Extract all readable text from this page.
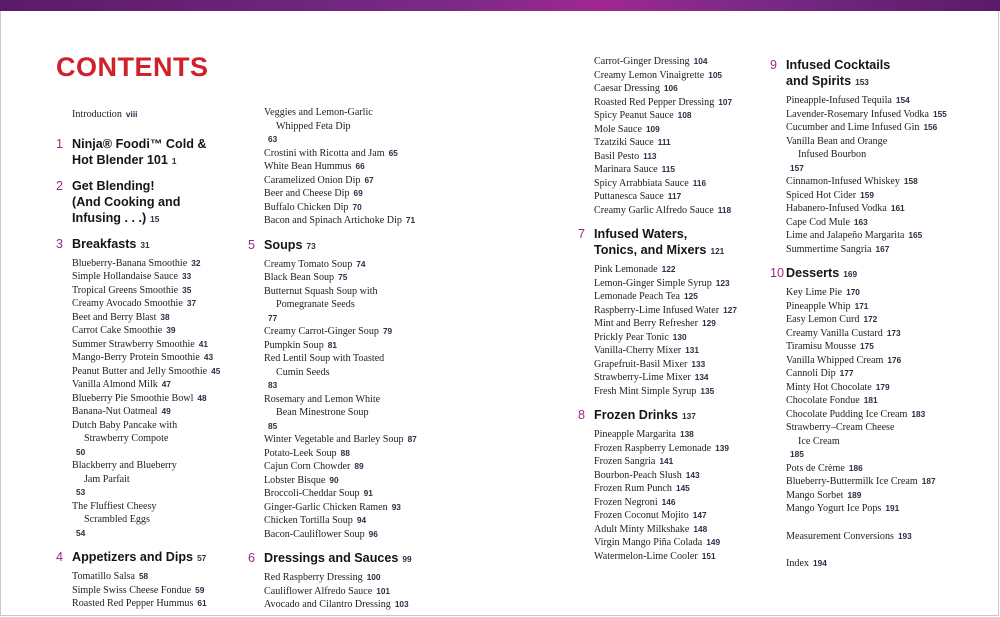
CONTENTS
Introduction viii
1 Ninja® Foodi™ Cold &
Hot Blender 101 1
2 Get Blending!
(And Cooking and
Infusing . . .) 15
3 Breakfasts 31
Blueberry-Banana Smoothie 32
Simple Hollandaise Sauce 33
Tropical Greens Smoothie 35
Creamy Avocado Smoothie 37
Beet and Berry Blast 38
Carrot Cake Smoothie 39
Summer Strawberry Smoothie 41
Mango-Berry Protein Smoothie 43
Peanut Butter and Jelly Smoothie 45
Vanilla Almond Milk 47
Blueberry Pie Smoothie Bowl 48
Banana-Nut Oatmeal 49
Dutch Baby Pancake with
Strawberry Compote
50
Blackberry and Blueberry
Jam Parfait
53
The Fluffiest Cheesy
Scrambled Eggs
54
4 Appetizers and Dips 57
Tomatillo Salsa 58
Simple Swiss Cheese Fondue 59
Roasted Red Pepper Hummus 61
Veggies and Lemon-Garlic
Whipped Feta Dip
63
Crostini with Ricotta and Jam 65
White Bean Hummus 66
Caramelized Onion Dip 67
Beer and Cheese Dip 69
Buffalo Chicken Dip 70
Bacon and Spinach Artichoke Dip 71
5 Soups 73
Creamy Tomato Soup 74
Black Bean Soup 75
Butternut Squash Soup with
Pomegranate Seeds
77
Creamy Carrot-Ginger Soup 79
Pumpkin Soup 81
Red Lentil Soup with Toasted
Cumin Seeds
83
Rosemary and Lemon White
Bean Minestrone Soup
85
Winter Vegetable and Barley Soup 87
Potato-Leek Soup 88
Cajun Corn Chowder 89
Lobster Bisque 90
Broccoli-Cheddar Soup 91
Ginger-Garlic Chicken Ramen 93
Chicken Tortilla Soup 94
Bacon-Cauliflower Soup 96
6 Dressings and Sauces 99
Red Raspberry Dressing 100
Cauliflower Alfredo Sauce 101
Avocado and Cilantro Dressing 103
Carrot-Ginger Dressing 104
Creamy Lemon Vinaigrette 105
Caesar Dressing 106
Roasted Red Pepper Dressing 107
Spicy Peanut Sauce 108
Mole Sauce 109
Tzatziki Sauce 111
Basil Pesto 113
Marinara Sauce 115
Spicy Arrabbiata Sauce 116
Puttanesca Sauce 117
Creamy Garlic Alfredo Sauce 118
7 Infused Waters,
Tonics, and Mixers 121
Pink Lemonade 122
Lemon-Ginger Simple Syrup 123
Lemonade Peach Tea 125
Raspberry-Lime Infused Water 127
Mint and Berry Refresher 129
Prickly Pear Tonic 130
Vanilla-Cherry Mixer 131
Grapefruit-Basil Mixer 133
Strawberry-Lime Mixer 134
Fresh Mint Simple Syrup 135
8 Frozen Drinks 137
Pineapple Margarita 138
Frozen Raspberry Lemonade 139
Frozen Sangria 141
Bourbon-Peach Slush 143
Frozen Rum Punch 145
Frozen Negroni 146
Frozen Coconut Mojito 147
Adult Minty Milkshake 148
Virgin Mango Piña Colada 149
Watermelon-Lime Cooler 151
9 Infused Cocktails
and Spirits 153
Pineapple-Infused Tequila 154
Lavender-Rosemary Infused Vodka 155
Cucumber and Lime Infused Gin 156
Vanilla Bean and Orange
Infused Bourbon
157
Cinnamon-Infused Whiskey 158
Spiced Hot Cider 159
Habanero-Infused Vodka 161
Cape Cod Mule 163
Lime and Jalapeño Margarita 165
Summertime Sangria 167
10 Desserts 169
Key Lime Pie 170
Pineapple Whip 171
Easy Lemon Curd 172
Creamy Vanilla Custard 173
Tiramisu Mousse 175
Vanilla Whipped Cream 176
Cannoli Dip 177
Minty Hot Chocolate 179
Chocolate Fondue 181
Chocolate Pudding Ice Cream 183
Strawberry–Cream Cheese
Ice Cream
185
Pots de Crème 186
Blueberry-Buttermilk Ice Cream 187
Mango Sorbet 189
Mango Yogurt Ice Pops 191
Measurement Conversions 193
Index 194
